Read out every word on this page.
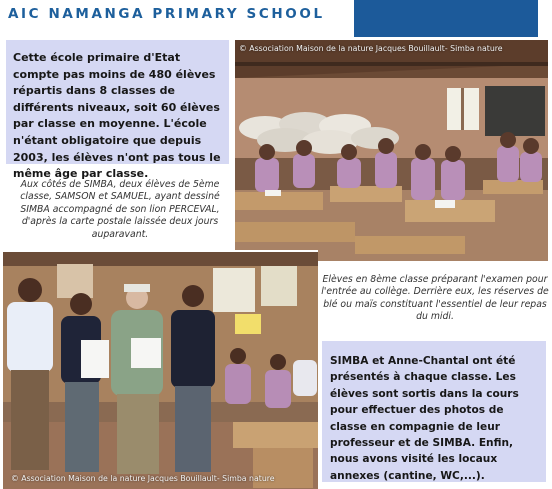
AIC NAMANGA PRIMARY SCHOOL
Cette école primaire d'Etat compte pas moins de 480 élèves répartis dans 8 classes de différents niveaux, soit 60 élèves par classe en moyenne. L'école n'étant obligatoire que depuis 2003, les élèves n'ont pas tous le même âge par classe.
Aux côtés de SIMBA, deux élèves de 5ème classe, SAMSON et SAMUEL, ayant dessiné SIMBA accompagné de son lion PERCEVAL, d'après la carte postale laissée deux jours auparavant.
© Association Maison de la nature Jacques Bouillault- Simba nature
Elèves en 8ème classe préparant l'examen pour l'entrée au collège. Derrière eux, les réserves de blé ou maïs constituant l'essentiel de leur repas du midi.
© Association Maison de la nature Jacques Bouillault- Simba nature
SIMBA et Anne-Chantal ont été présentés à chaque classe. Les élèves sont sortis dans la cours pour effectuer des photos de classe en compagnie de leur professeur et de SIMBA. Enfin, nous avons visité les locaux annexes (cantine, WC,...).
